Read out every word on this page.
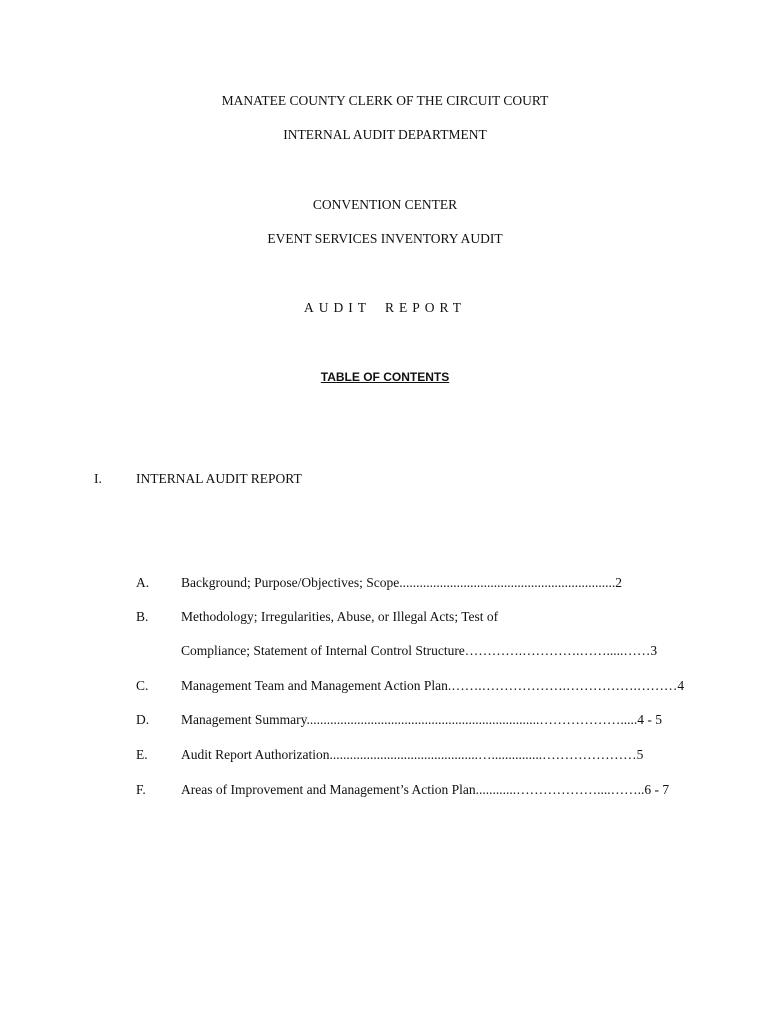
MANATEE COUNTY CLERK OF THE CIRCUIT COURT
INTERNAL AUDIT DEPARTMENT
CONVENTION CENTER
EVENT SERVICES INVENTORY AUDIT
AUDIT REPORT
TABLE OF CONTENTS
I.	INTERNAL AUDIT REPORT
A. Background; Purpose/Objectives; Scope................................................................2
B. Methodology; Irregularities, Abuse, or Illegal Acts; Test of
Compliance; Statement of Internal Control Structure………….………….…….....……3
C. Management Team and Management Action Plan.…….……………….…………….………4
D. Management Summary.....................................................................……………….....4 - 5
E. Audit Report Authorization............................................…...............…………………5
F.	Areas of Improvement and Management’s Action Plan............………………....……..6 - 7
